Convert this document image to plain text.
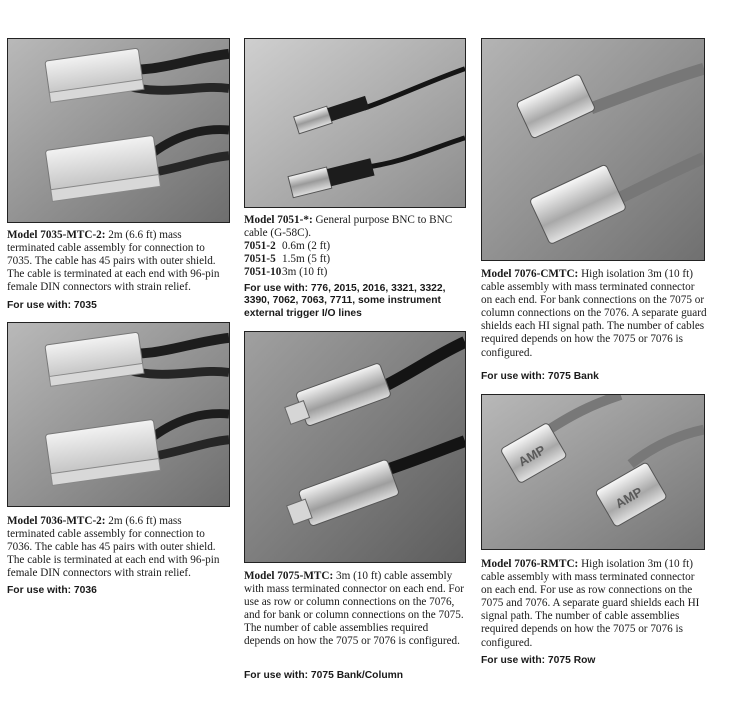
Model 7035-MTC-2: 2m (6.6 ft) mass terminated cable assembly for connection to 7035. The cable has 45 pairs with outer shield. The cable is terminated at each end with 96-pin female DIN connectors with strain relief.
For use with: 7035
Model 7036-MTC-2: 2m (6.6 ft) mass terminated cable assembly for connection to 7036. The cable has 45 pairs with outer shield. The cable is terminated at each end with 96-pin female DIN connectors with strain relief.
For use with: 7036
Model 7051-*: General purpose BNC to BNC cable (G-58C).
7051-2 0.6m (2 ft)
7051-5 1.5m (5 ft)
7051-10 3m (10 ft)
For use with: 776, 2015, 2016, 3321, 3322, 3390, 7062, 7063, 7711, some instrument external trigger I/O lines
Model 7075-MTC: 3m (10 ft) cable assembly with mass terminated connector on each end. For use as row or column connections on the 7076, and for bank or column connections on the 7075. The number of cable assemblies required depends on how the 7075 or 7076 is configured.
For use with: 7075 Bank/Column
Model 7076-CMTC: High isolation 3m (10 ft) cable assembly with mass terminated connector on each end. For bank connections on the 7075 or column connections on the 7076. A separate guard shields each HI signal path. The number of cables required depends on how the 7075 or 7076 is configured.
For use with: 7075 Bank
AMP
AMP
Model 7076-RMTC: High isolation 3m (10 ft) cable assembly with mass terminated connector on each end. For use as row connections on the 7075 and 7076. A separate guard shields each HI signal path. The number of cable assemblies required depends on how the 7075 or 7076 is configured.
For use with: 7075 Row
